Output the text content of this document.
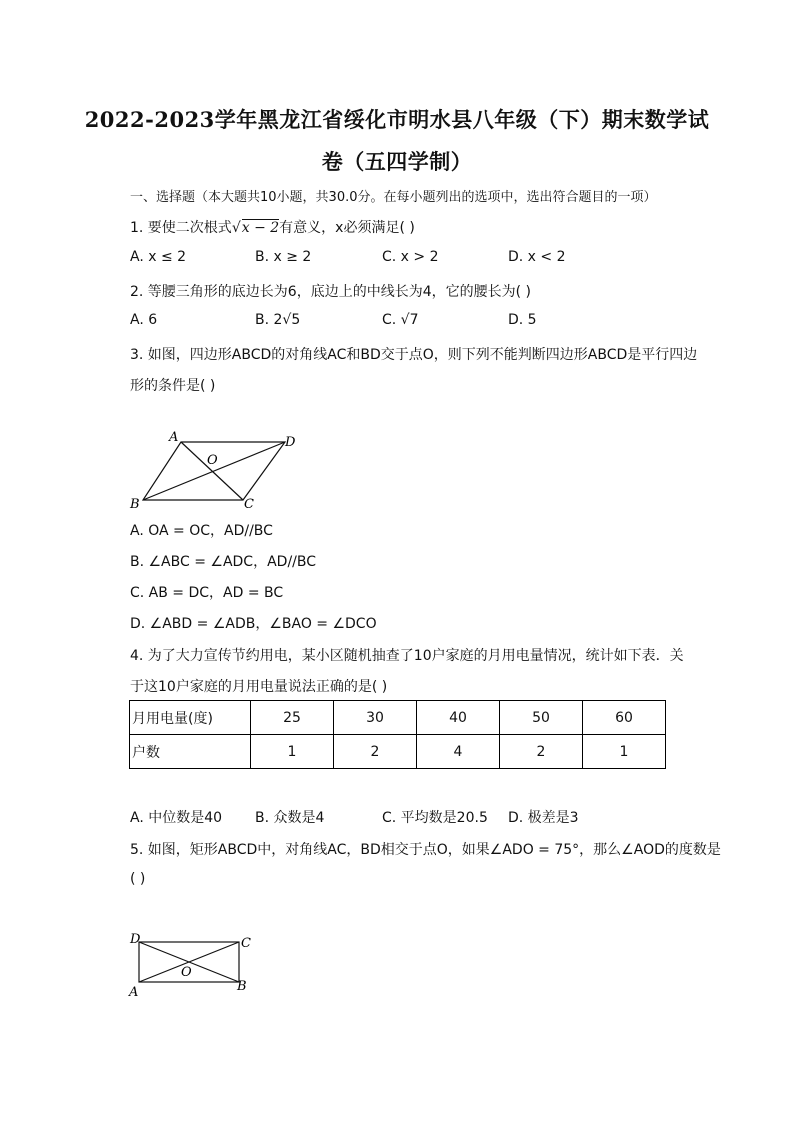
2022-2023学年黑龙江省绥化市明水县八年级（下）期末数学试
卷（五四学制）
一、选择题（本大题共10小题，共30.0分。在每小题列出的选项中，选出符合题目的一项）
1. 要使二次根式√x − 2有意义，x必须满足( )
A. x ≤ 2	B. x ≥ 2	C. x > 2	D. x < 2
2. 等腰三角形的底边长为6，底边上的中线长为4，它的腰长为( )
A. 6	B. 2√5	C. √7	D. 5
3. 如图，四边形ABCD的对角线AC和BD交于点O，则下列不能判断四边形ABCD是平行四边
形的条件是( )
A	D
O
B	C
A. OA = OC，AD//BC
B. ∠ABC = ∠ADC，AD//BC
C. AB = DC，AD = BC
D. ∠ABD = ∠ADB，∠BAO = ∠DCO
4. 为了大力宣传节约用电，某小区随机抽查了10户家庭的月用电量情况，统计如下表．关
于这10户家庭的月用电量说法正确的是( )
月用电量(度)	25	30	40	50	60
户数	1	2	4	2	1
A. 中位数是40 B. 众数是4	C. 平均数是20.5 D. 极差是3
5. 如图，矩形ABCD中，对角线AC，BD相交于点O，如果∠ADO = 75°，那么∠AOD的度数是
( )
D	C
O
A	B
